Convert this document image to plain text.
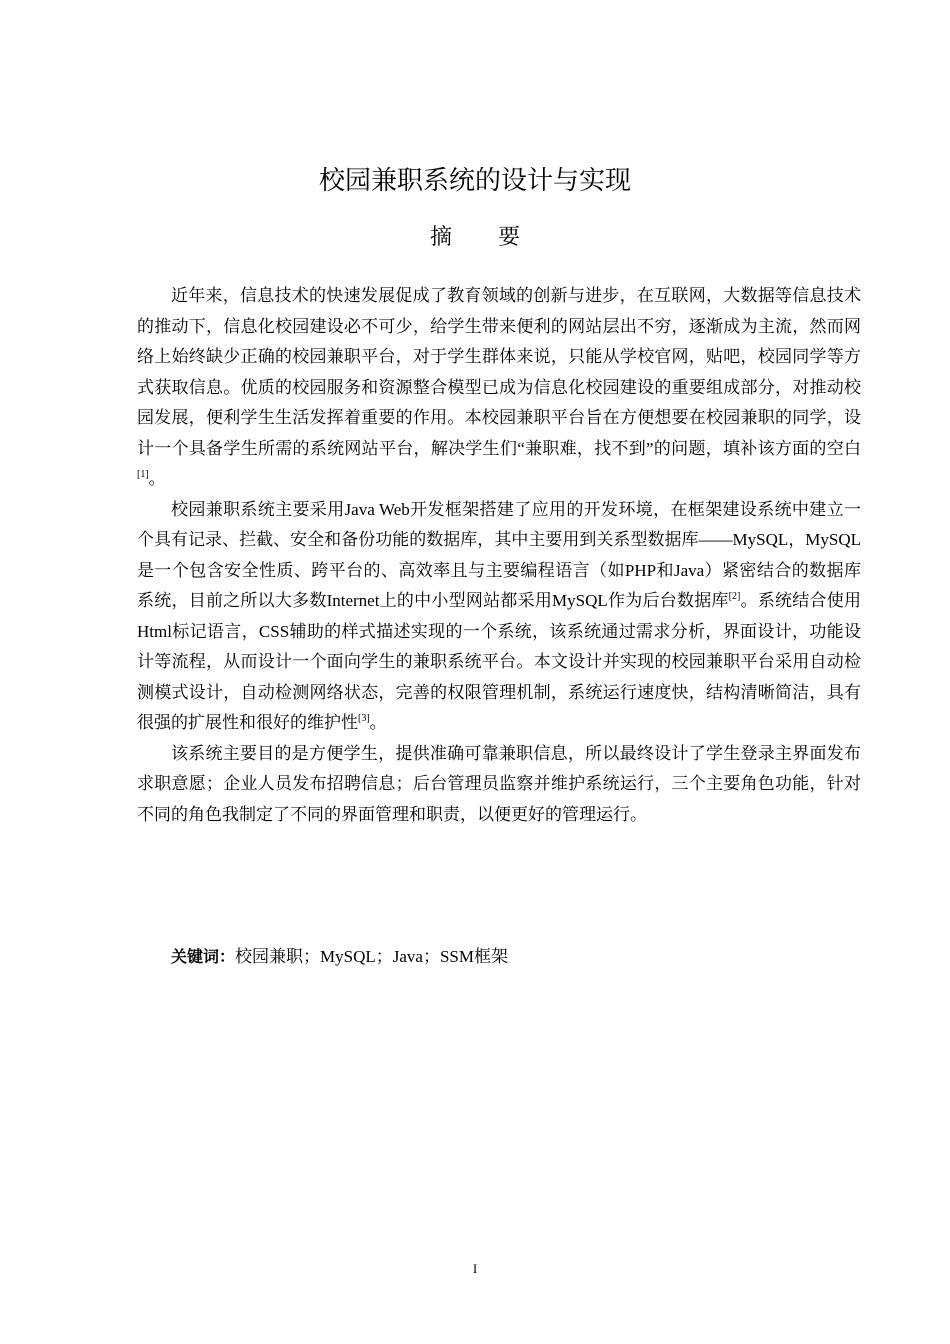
校园兼职系统的设计与实现
摘 要

近年来，信息技术的快速发展促成了教育领域的创新与进步，在互联网，大数据等信息技术的推动下，信息化校园建设必不可少，给学生带来便利的网站层出不穷，逐渐成为主流，然而网络上始终缺少正确的校园兼职平台，对于学生群体来说，只能从学校官网，贴吧，校园同学等方式获取信息。优质的校园服务和资源整合模型已成为信息化校园建设的重要组成部分，对推动校园发展，便利学生生活发挥着重要的作用。本校园兼职平台旨在方便想要在校园兼职的同学，设计一个具备学生所需的系统网站平台，解决学生们“兼职难，找不到”的问题，填补该方面的空白[1]。

校园兼职系统主要采用Java Web开发框架搭建了应用的开发环境，在框架建设系统中建立一个具有记录、拦截、安全和备份功能的数据库，其中主要用到关系型数据库——MySQL，MySQL是一个包含安全性质、跨平台的、高效率且与主要编程语言（如PHP和Java）紧密结合的数据库系统，目前之所以大多数Internet上的中小型网站都采用MySQL作为后台数据库[2]。系统结合使用Html标记语言，CSS辅助的样式描述实现的一个系统，该系统通过需求分析，界面设计，功能设计等流程，从而设计一个面向学生的兼职系统平台。本文设计并实现的校园兼职平台采用自动检测模式设计，自动检测网络状态，完善的权限管理机制，系统运行速度快，结构清晰简洁，具有很强的扩展性和很好的维护性[3]。

该系统主要目的是方便学生，提供准确可靠兼职信息，所以最终设计了学生登录主界面发布求职意愿；企业人员发布招聘信息；后台管理员监察并维护系统运行，三个主要角色功能，针对不同的角色我制定了不同的界面管理和职责，以便更好的管理运行。

关键词：校园兼职；MySQL；Java；SSM框架

I
